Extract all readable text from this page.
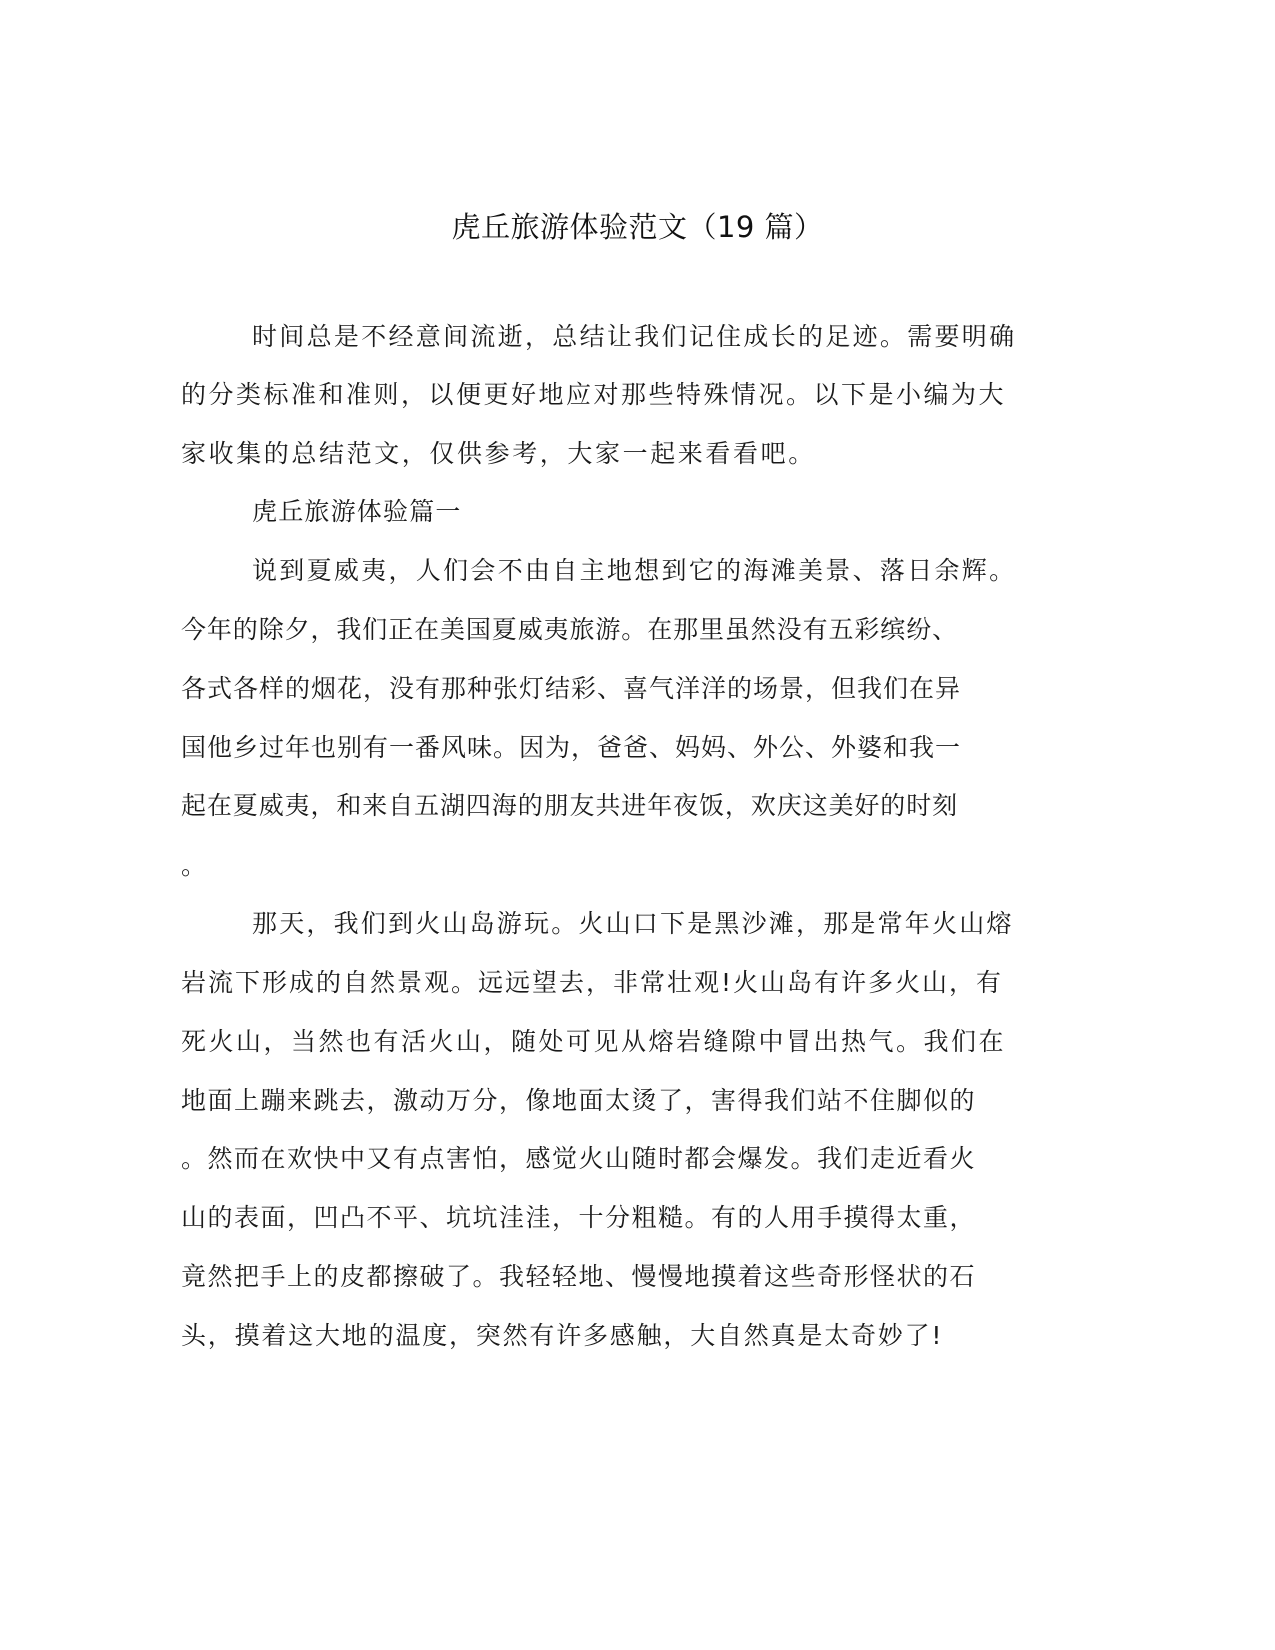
虎丘旅游体验范文（19 篇）
时间总是不经意间流逝，总结让我们记住成长的足迹。需要明确
的分类标准和准则，以便更好地应对那些特殊情况。以下是小编为大
家收集的总结范文，仅供参考，大家一起来看看吧。
虎丘旅游体验篇一
说到夏威夷，人们会不由自主地想到它的海滩美景、落日余辉。
今年的除夕，我们正在美国夏威夷旅游。在那里虽然没有五彩缤纷、
各式各样的烟花，没有那种张灯结彩、喜气洋洋的场景，但我们在异
国他乡过年也别有一番风味。因为，爸爸、妈妈、外公、外婆和我一
起在夏威夷，和来自五湖四海的朋友共进年夜饭，欢庆这美好的时刻
。
那天，我们到火山岛游玩。火山口下是黑沙滩，那是常年火山熔
岩流下形成的自然景观。远远望去，非常壮观!火山岛有许多火山，有
死火山，当然也有活火山，随处可见从熔岩缝隙中冒出热气。我们在
地面上蹦来跳去，激动万分，像地面太烫了，害得我们站不住脚似的
。然而在欢快中又有点害怕，感觉火山随时都会爆发。我们走近看火
山的表面，凹凸不平、坑坑洼洼，十分粗糙。有的人用手摸得太重，
竟然把手上的皮都擦破了。我轻轻地、慢慢地摸着这些奇形怪状的石
头，摸着这大地的温度，突然有许多感触，大自然真是太奇妙了!
